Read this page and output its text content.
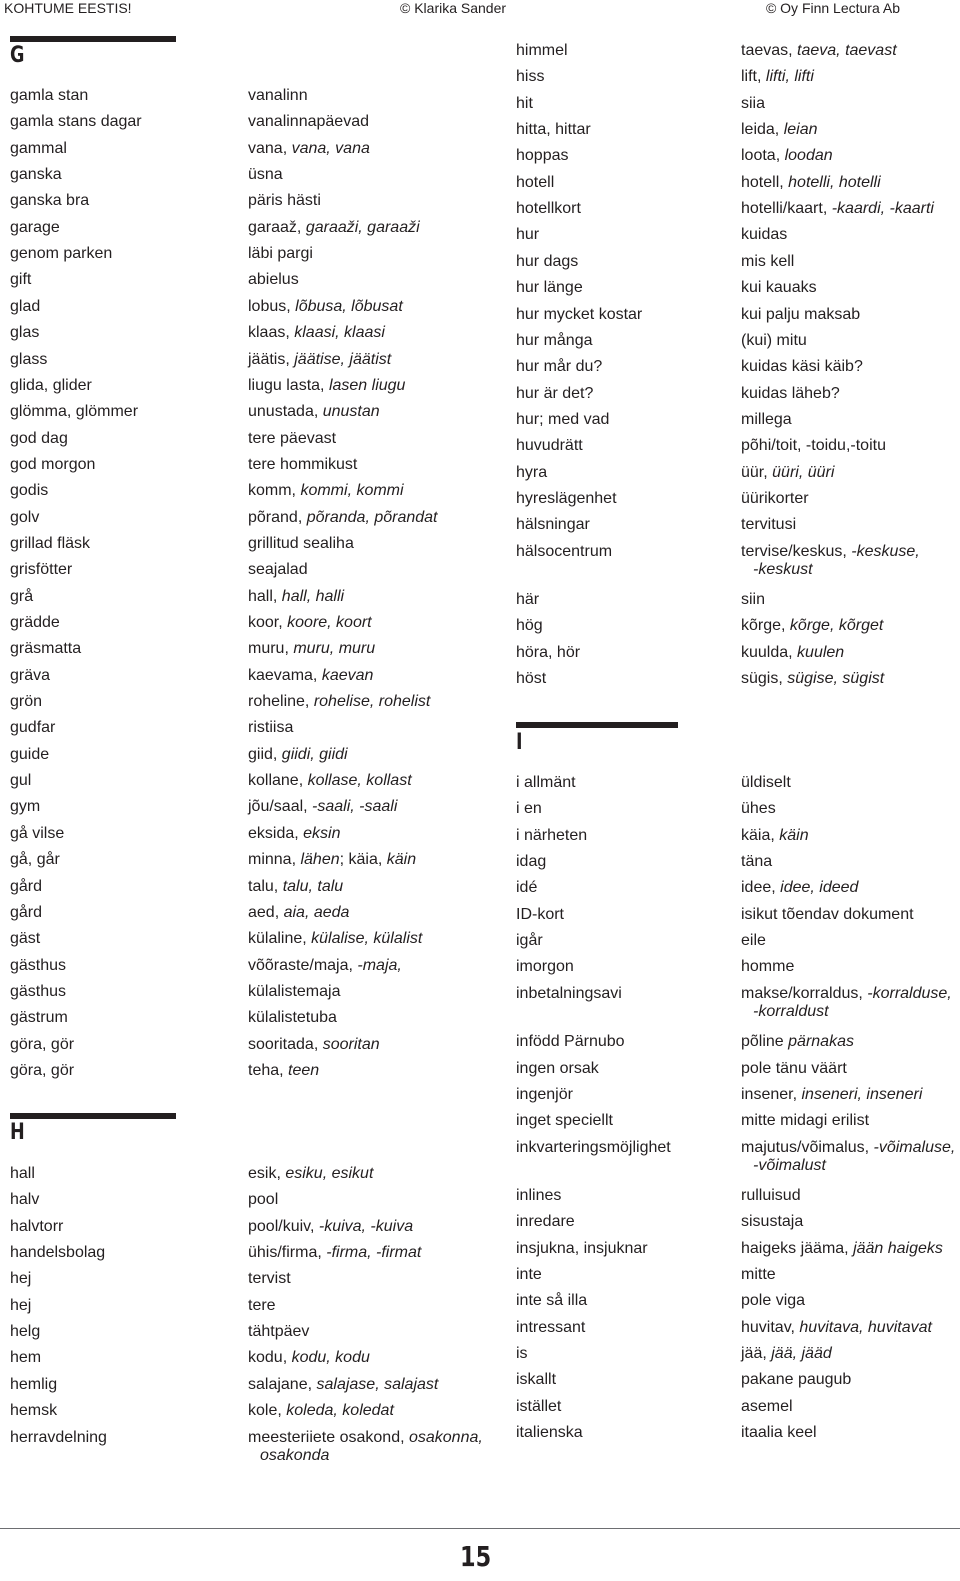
KOHTUME EESTIS!	© Klarika Sander	© Oy Finn Lectura Ab
G
gamla stan	vanalinn
gamla stans dagar	vanalinnapäevad
gammal	vana, vana, vana
ganska	üsna
ganska bra	päris hästi
garage	garaaž, garaaži, garaaži
genom parken	läbi pargi
gift	abielus
glad	lobus, lõbusa, lõbusat
glas	klaas, klaasi, klaasi
glass	jäätis, jäätise, jäätist
glida, glider	liugu lasta, lasen liugu
glömma, glömmer	unustada, unustan
god dag	tere päevast
god morgon	tere hommikust
godis	komm, kommi, kommi
golv	põrand, põranda, põrandat
grillad fläsk	grillitud sealiha
grisfötter	seajalad
grå	hall, hall, halli
grädde	koor, koore, koort
gräsmatta	muru, muru, muru
gräva	kaevama, kaevan
grön	roheline, rohelise, rohelist
gudfar	ristiisa
guide	giid, giidi, giidi
gul	kollane, kollase, kollast
gym	jõu/saal, -saali, -saali
gå vilse	eksida, eksin
gå, går	minna, lähen; käia, käin
gård	talu, talu, talu
gård	aed, aia, aeda
gäst	külaline, külalise, külalist
gästhus	võõraste/maja, -maja,
gästhus	külalistemaja
gästrum	külalistetuba
göra, gör	sooritada, sooritan
göra, gör	teha, teen
H
hall	esik, esiku, esikut
halv	pool
halvtorr	pool/kuiv, -kuiva, -kuiva
handelsbolag	ühis/firma, -firma, -firmat
hej	tervist
hej	tere
helg	tähtpäev
hem	kodu, kodu, kodu
hemlig	salajane, salajase, salajast
hemsk	kole, koleda, koledat
herravdelning	meesteriiete osakond, osakonna,
osakonda
himmel	taevas, taeva, taevast
hiss	lift, lifti, lifti
hit	siia
hitta, hittar	leida, leian
hoppas	loota, loodan
hotell	hotell, hotelli, hotelli
hotellkort	hotelli/kaart, -kaardi, -kaarti
hur	kuidas
hur dags	mis kell
hur länge	kui kauaks
hur mycket kostar	kui palju maksab
hur många	(kui) mitu
hur mår du?	kuidas käsi käib?
hur är det?	kuidas läheb?
hur; med vad	millega
huvudrätt	põhi/toit, -toidu,-toitu
hyra	üür, üüri, üüri
hyreslägenhet	üürikorter
hälsningar	tervitusi
hälsocentrum	tervise/keskus, -keskuse,
-keskust
här	siin
hög	kõrge, kõrge, kõrget
höra, hör	kuulda, kuulen
höst	sügis, sügise, sügist
I
i allmänt	üldiselt
i en	ühes
i närheten	käia, käin
idag	täna
idé	idee, idee, ideed
ID-kort	isikut tõendav dokument
igår	eile
imorgon	homme
inbetalningsavi	makse/korraldus, -korralduse,
-korraldust
infödd Pärnubo	põline pärnakas
ingen orsak	pole tänu väärt
ingenjör	insener, inseneri, inseneri
inget speciellt	mitte midagi erilist
inkvarteringsmöjlighet	majutus/võimalus, -võimaluse,
-võimalust
inlines	rulluisud
inredare	sisustaja
insjukna, insjuknar	haigeks jääma, jään haigeks
inte	mitte
inte så illa	pole viga
intressant	huvitav, huvitava, huvitavat
is	jää, jää, jääd
iskallt	pakane paugub
istället	asemel
italienska	itaalia keel
15
